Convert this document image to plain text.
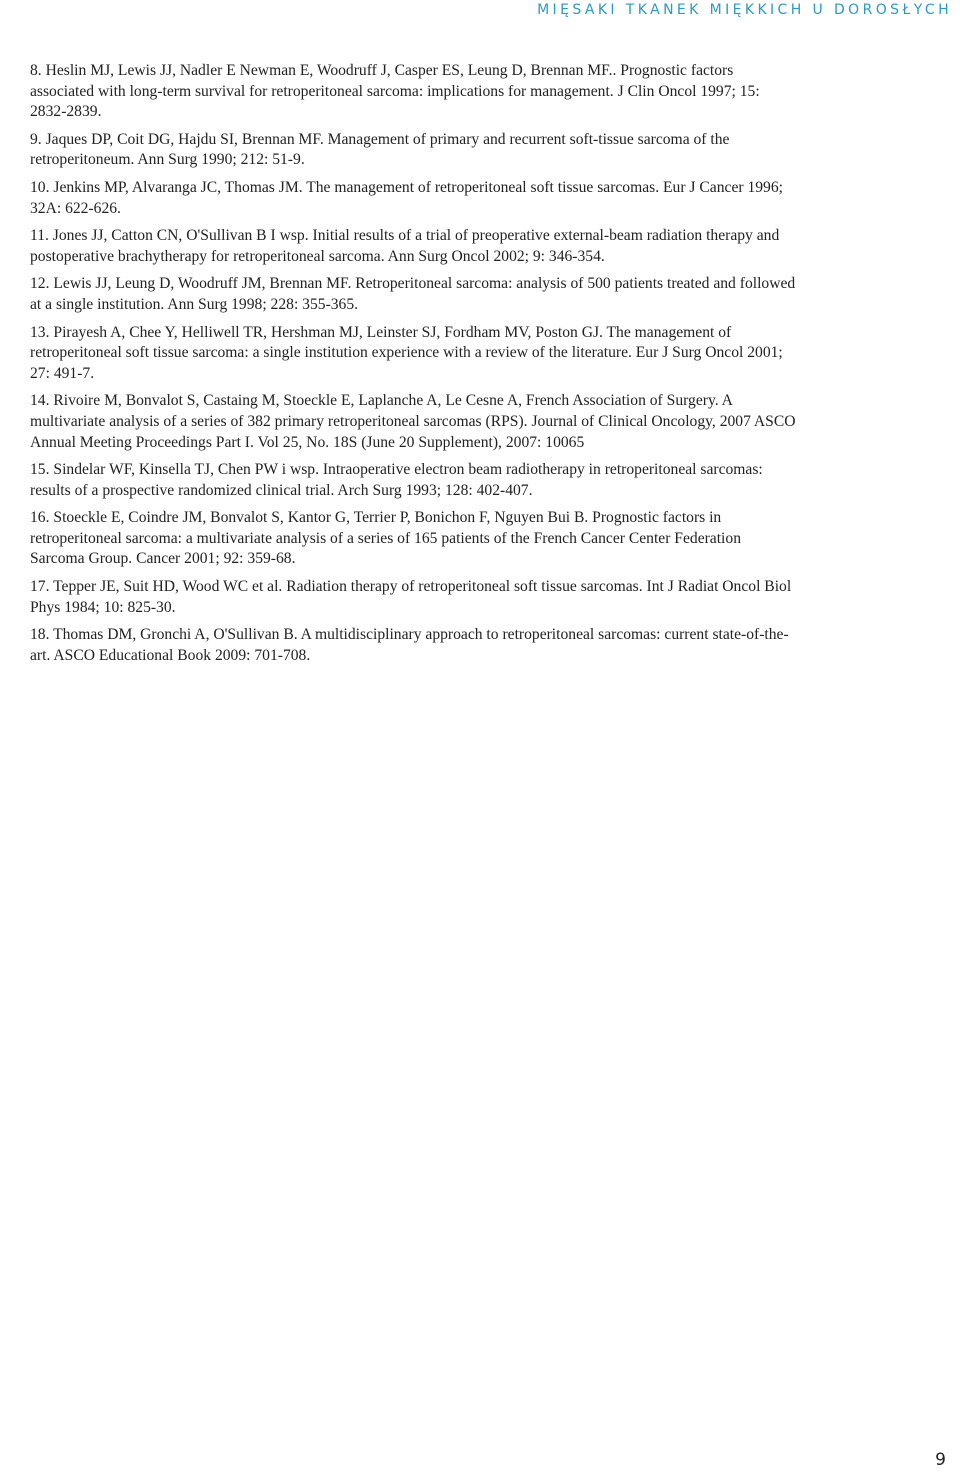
MIĘSAKI TKANEK MIĘKKICH U DOROSŁYCH
8. Heslin MJ, Lewis JJ, Nadler E Newman E, Woodruff J, Casper ES, Leung D, Brennan MF.. Prognostic factors associated with long-term survival for retroperitoneal sarcoma: implications for management. J Clin Oncol 1997; 15: 2832-2839.
9. Jaques DP, Coit DG, Hajdu SI, Brennan MF. Management of primary and recurrent soft-tissue sarcoma of the retroperitoneum. Ann Surg 1990; 212: 51-9.
10. Jenkins MP, Alvaranga JC, Thomas JM. The management of retroperitoneal soft tissue sarcomas. Eur J Cancer 1996; 32A: 622-626.
11. Jones JJ, Catton CN, O'Sullivan B I wsp. Initial results of a trial of preoperative external-beam radiation therapy and postoperative brachytherapy for retroperitoneal sarcoma. Ann Surg Oncol 2002; 9: 346-354.
12. Lewis JJ, Leung D, Woodruff JM, Brennan MF. Retroperitoneal sarcoma: analysis of 500 patients treated and followed at a single institution. Ann Surg 1998; 228: 355-365.
13. Pirayesh A, Chee Y, Helliwell TR, Hershman MJ, Leinster SJ, Fordham MV, Poston GJ. The management of retroperitoneal soft tissue sarcoma: a single institution experience with a review of the literature. Eur J Surg Oncol 2001; 27: 491-7.
14. Rivoire M, Bonvalot S, Castaing M, Stoeckle E, Laplanche A, Le Cesne A, French Association of Surgery. A multivariate analysis of a series of 382 primary retroperitoneal sarcomas (RPS). Journal of Clinical Oncology, 2007 ASCO Annual Meeting Proceedings Part I. Vol 25, No. 18S (June 20 Supplement), 2007: 10065
15. Sindelar WF, Kinsella TJ, Chen PW i wsp. Intraoperative electron beam radiotherapy in retroperitoneal sarcomas: results of a prospective randomized clinical trial. Arch Surg 1993; 128: 402-407.
16. Stoeckle E, Coindre JM, Bonvalot S, Kantor G, Terrier P, Bonichon F, Nguyen Bui B. Prognostic factors in retroperitoneal sarcoma: a multivariate analysis of a series of 165 patients of the French Cancer Center Federation Sarcoma Group. Cancer 2001; 92: 359-68.
17. Tepper JE, Suit HD, Wood WC et al. Radiation therapy of retroperitoneal soft tissue sarcomas. Int J Radiat Oncol Biol Phys 1984; 10: 825-30.
18. Thomas DM, Gronchi A, O'Sullivan B. A multidisciplinary approach to retroperitoneal sarcomas: current state-of-the-art. ASCO Educational Book 2009: 701-708.
9
